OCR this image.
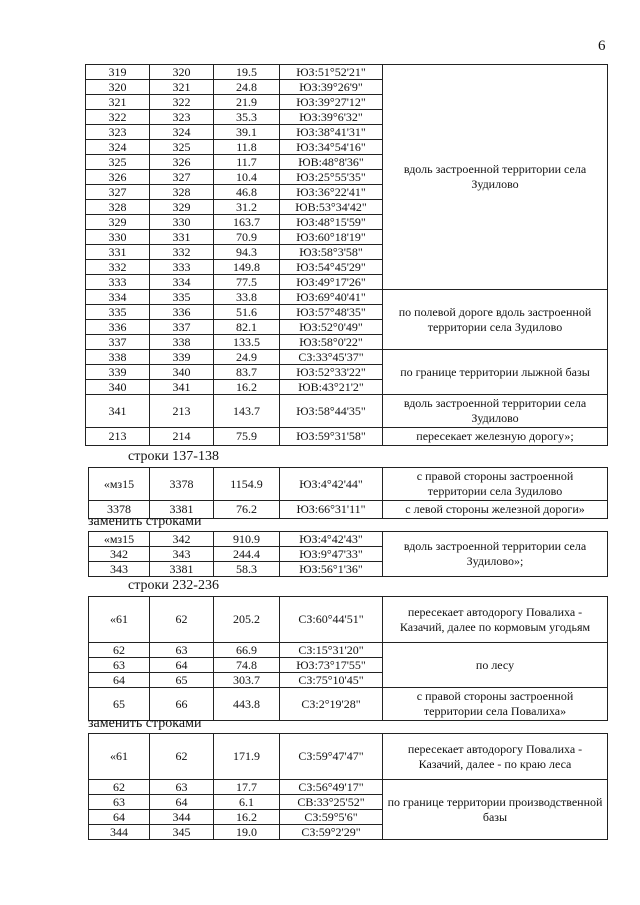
6
319	320	19.5	ЮЗ:51°52'21"	вдоль застроенной территории села Зудилово
320	321	24.8	ЮЗ:39°26'9"	
321	322	21.9	ЮЗ:39°27'12"	
322	323	35.3	ЮЗ:39°6'32"	
323	324	39.1	ЮЗ:38°41'31"	
324	325	11.8	ЮЗ:34°54'16"	
325	326	11.7	ЮВ:48°8'36"	
326	327	10.4	ЮЗ:25°55'35"	
327	328	46.8	ЮЗ:36°22'41"	
328	329	31.2	ЮВ:53°34'42"	
329	330	163.7	ЮЗ:48°15'59"	
330	331	70.9	ЮЗ:60°18'19"	
331	332	94.3	ЮЗ:58°3'58"	
332	333	149.8	ЮЗ:54°45'29"	
333	334	77.5	ЮЗ:49°17'26"	
334	335	33.8	ЮЗ:69°40'41"	по полевой дороге вдоль застроенной территории села Зудилово
335	336	51.6	ЮЗ:57°48'35"	
336	337	82.1	ЮЗ:52°0'49"	
337	338	133.5	ЮЗ:58°0'22"	
338	339	24.9	СЗ:33°45'37"	по границе территории лыжной базы
339	340	83.7	ЮЗ:52°33'22"	
340	341	16.2	ЮВ:43°21'2"	
341	213	143.7	ЮЗ:58°44'35"	вдоль застроенной территории села Зудилово
213	214	75.9	ЮЗ:59°31'58"	пересекает железную дорогу»;
строки 137-138
«мз15	3378	1154.9	ЮЗ:4°42'44"	с правой стороны застроенной территории села Зудилово
3378	3381	76.2	ЮЗ:66°31'11"	с левой стороны железной дороги»
заменить строками
«мз15	342	910.9	ЮЗ:4°42'43"	вдоль застроенной территории села Зудилово»;
342	343	244.4	ЮЗ:9°47'33"	
343	3381	58.3	ЮЗ:56°1'36"	
строки 232-236
«61	62	205.2	СЗ:60°44'51"	пересекает автодорогу Повалиха - Казачий, далее по кормовым угодьям
62	63	66.9	СЗ:15°31'20"	по лесу
63	64	74.8	ЮЗ:73°17'55"	
64	65	303.7	СЗ:75°10'45"	
65	66	443.8	СЗ:2°19'28"	с правой стороны застроенной территории села Повалиха»
заменить строками
«61	62	171.9	СЗ:59°47'47"	пересекает автодорогу Повалиха - Казачий, далее - по краю леса
62	63	17.7	СЗ:56°49'17"	по границе территории производственной базы
63	64	6.1	СВ:33°25'52"	
64	344	16.2	СЗ:59°5'6"	
344	345	19.0	СЗ:59°2'29"	
